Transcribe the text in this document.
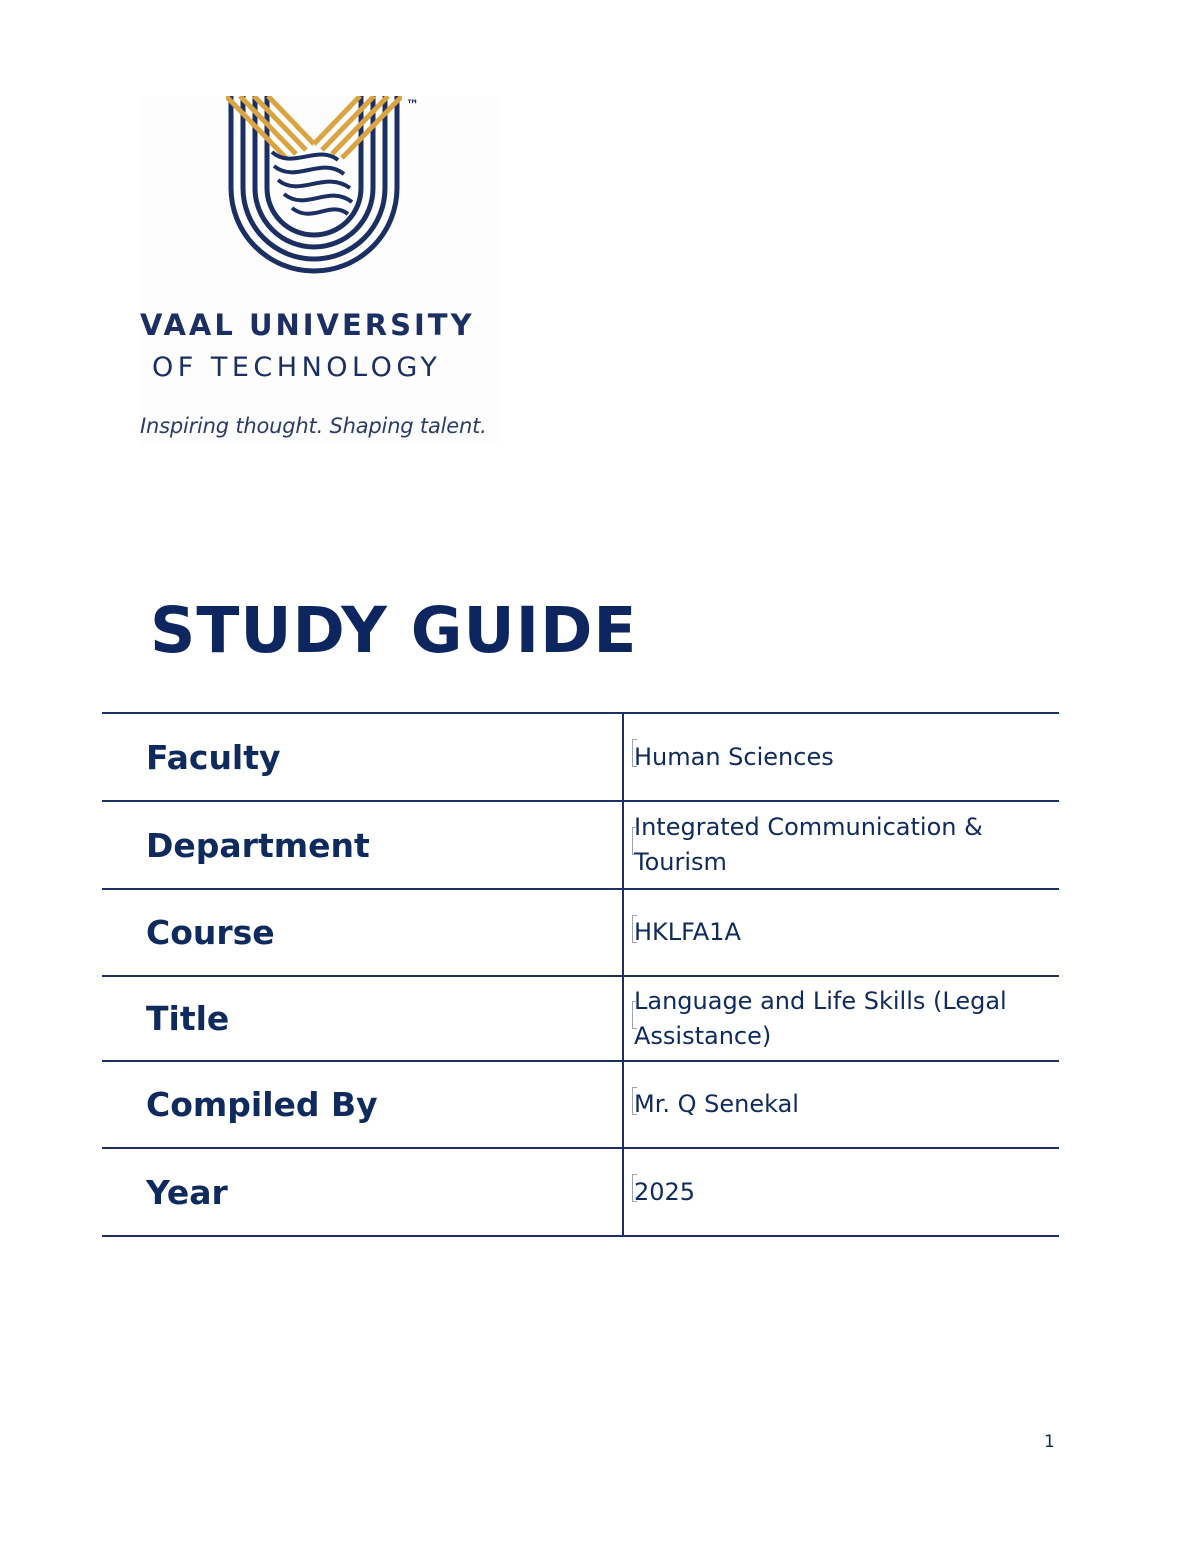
™
VAAL UNIVERSITY
OF TECHNOLOGY
Inspiring thought. Shaping talent.
STUDY GUIDE
Faculty	Human Sciences
Department	Integrated Communication & Tourism
Course	HKLFA1A
Title	Language and Life Skills (Legal Assistance)
Compiled By	Mr. Q Senekal
Year	2025
1
